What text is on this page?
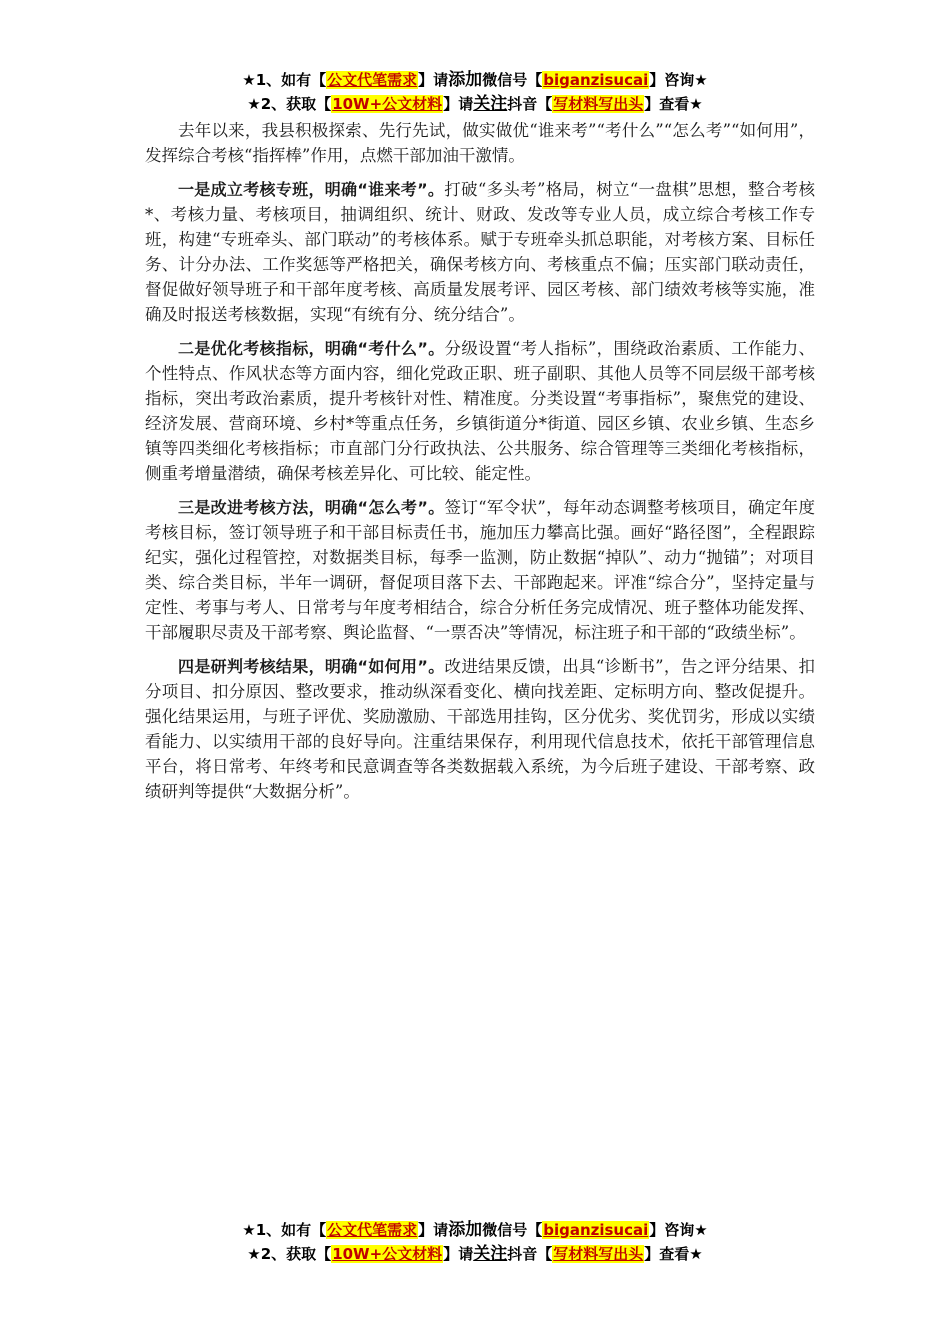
★1、如有【公文代笔需求】请添加微信号【biganzisucai】咨询★
★2、获取【10W+公文材料】请关注抖音【写材料写出头】查看★

去年以来，我县积极探索、先行先试，做实做优“谁来考”“考什么”“怎么考”“如何用”，发挥综合考核“指挥棒”作用，点燃干部加油干激情。

一是成立考核专班，明确“谁来考”。打破“多头考”格局，树立“一盘棋”思想，整合考核*、考核力量、考核项目，抽调组织、统计、财政、发改等专业人员，成立综合考核工作专班，构建“专班牵头、部门联动”的考核体系。赋于专班牵头抓总职能，对考核方案、目标任务、计分办法、工作奖惩等严格把关，确保考核方向、考核重点不偏；压实部门联动责任，督促做好领导班子和干部年度考核、高质量发展考评、园区考核、部门绩效考核等实施，准确及时报送考核数据，实现“有统有分、统分结合”。

二是优化考核指标，明确“考什么”。分级设置“考人指标”，围绕政治素质、工作能力、个性特点、作风状态等方面内容，细化党政正职、班子副职、其他人员等不同层级干部考核指标，突出考政治素质，提升考核针对性、精准度。分类设置“考事指标”，聚焦党的建设、经济发展、营商环境、乡村*等重点任务，乡镇街道分*街道、园区乡镇、农业乡镇、生态乡镇等四类细化考核指标；市直部门分行政执法、公共服务、综合管理等三类细化考核指标，侧重考增量潜绩，确保考核差异化、可比较、能定性。

三是改进考核方法，明确“怎么考”。签订“军令状”，每年动态调整考核项目，确定年度考核目标，签订领导班子和干部目标责任书，施加压力攀高比强。画好“路径图”，全程跟踪纪实，强化过程管控，对数据类目标，每季一监测，防止数据“掉队”、动力“抛锚”；对项目类、综合类目标，半年一调研，督促项目落下去、干部跑起来。评准“综合分”，坚持定量与定性、考事与考人、日常考与年度考相结合，综合分析任务完成情况、班子整体功能发挥、干部履职尽责及干部考察、舆论监督、“一票否决”等情况，标注班子和干部的“政绩坐标”。

四是研判考核结果，明确“如何用”。改进结果反馈，出具“诊断书”，告之评分结果、扣分项目、扣分原因、整改要求，推动纵深看变化、横向找差距、定标明方向、整改促提升。强化结果运用，与班子评优、奖励激励、干部选用挂钩，区分优劣、奖优罚劣，形成以实绩看能力、以实绩用干部的良好导向。注重结果保存，利用现代信息技术，依托干部管理信息平台，将日常考、年终考和民意调查等各类数据载入系统，为今后班子建设、干部考察、政绩研判等提供“大数据分析”。

★1、如有【公文代笔需求】请添加微信号【biganzisucai】咨询★
★2、获取【10W+公文材料】请关注抖音【写材料写出头】查看★
